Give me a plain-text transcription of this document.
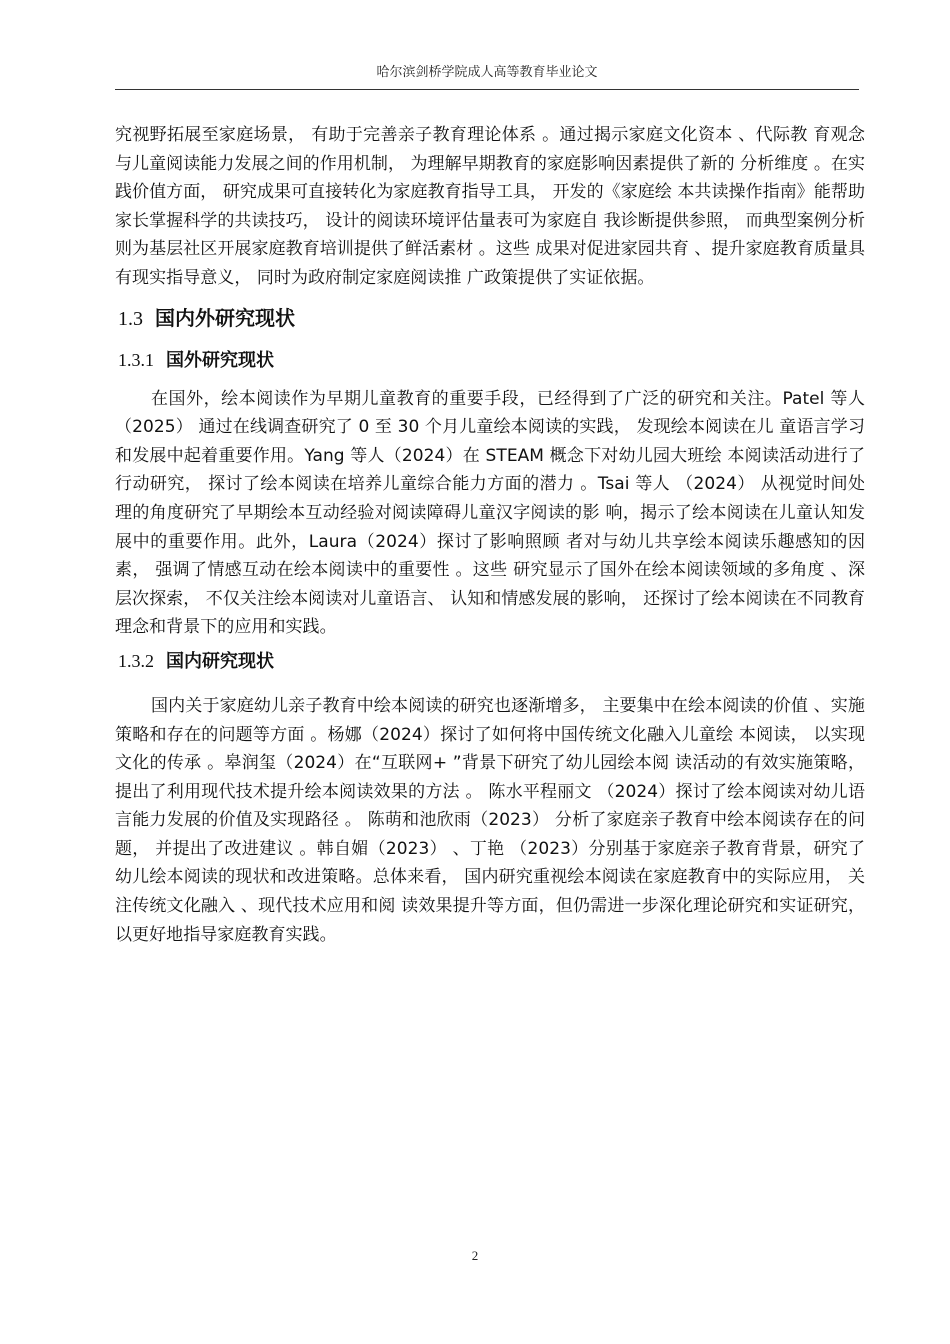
哈尔滨剑桥学院成人高等教育毕业论文

究视野拓展至家庭场景， 有助于完善亲子教育理论体系 。通过揭示家庭文化资本 、代际教 育观念与儿童阅读能力发展之间的作用机制， 为理解早期教育的家庭影响因素提供了新的 分析维度 。在实践价值方面， 研究成果可直接转化为家庭教育指导工具， 开发的《家庭绘 本共读操作指南》能帮助家长掌握科学的共读技巧， 设计的阅读环境评估量表可为家庭自 我诊断提供参照， 而典型案例分析则为基层社区开展家庭教育培训提供了鲜活素材 。这些 成果对促进家园共育 、提升家庭教育质量具有现实指导意义， 同时为政府制定家庭阅读推 广政策提供了实证依据。

1.3 国内外研究现状
1.3.1 国外研究现状

在国外，绘本阅读作为早期儿童教育的重要手段，已经得到了广泛的研究和关注。Patel 等人（2025） 通过在线调查研究了 0 至 30 个月儿童绘本阅读的实践， 发现绘本阅读在儿 童语言学习和发展中起着重要作用。Yang 等人（2024）在 STEAM 概念下对幼儿园大班绘 本阅读活动进行了行动研究， 探讨了绘本阅读在培养儿童综合能力方面的潜力 。Tsai 等人 （2024） 从视觉时间处理的角度研究了早期绘本互动经验对阅读障碍儿童汉字阅读的影 响，揭示了绘本阅读在儿童认知发展中的重要作用。此外，Laura（2024）探讨了影响照顾 者对与幼儿共享绘本阅读乐趣感知的因素， 强调了情感互动在绘本阅读中的重要性 。这些 研究显示了国外在绘本阅读领域的多角度 、深层次探索， 不仅关注绘本阅读对儿童语言、 认知和情感发展的影响， 还探讨了绘本阅读在不同教育理念和背景下的应用和实践。

1.3.2 国内研究现状

国内关于家庭幼儿亲子教育中绘本阅读的研究也逐渐增多， 主要集中在绘本阅读的价值 、实施策略和存在的问题等方面 。杨娜（2024）探讨了如何将中国传统文化融入儿童绘 本阅读， 以实现文化的传承 。皋润玺（2024）在“互联网+ ”背景下研究了幼儿园绘本阅 读活动的有效实施策略， 提出了利用现代技术提升绘本阅读效果的方法 。 陈水平程丽文 （2024）探讨了绘本阅读对幼儿语言能力发展的价值及实现路径 。 陈萌和池欣雨（2023） 分析了家庭亲子教育中绘本阅读存在的问题， 并提出了改进建议 。韩自媚（2023） 、丁艳 （2023）分别基于家庭亲子教育背景，研究了幼儿绘本阅读的现状和改进策略。总体来看， 国内研究重视绘本阅读在家庭教育中的实际应用， 关注传统文化融入 、现代技术应用和阅 读效果提升等方面，但仍需进一步深化理论研究和实证研究，以更好地指导家庭教育实践。

2
